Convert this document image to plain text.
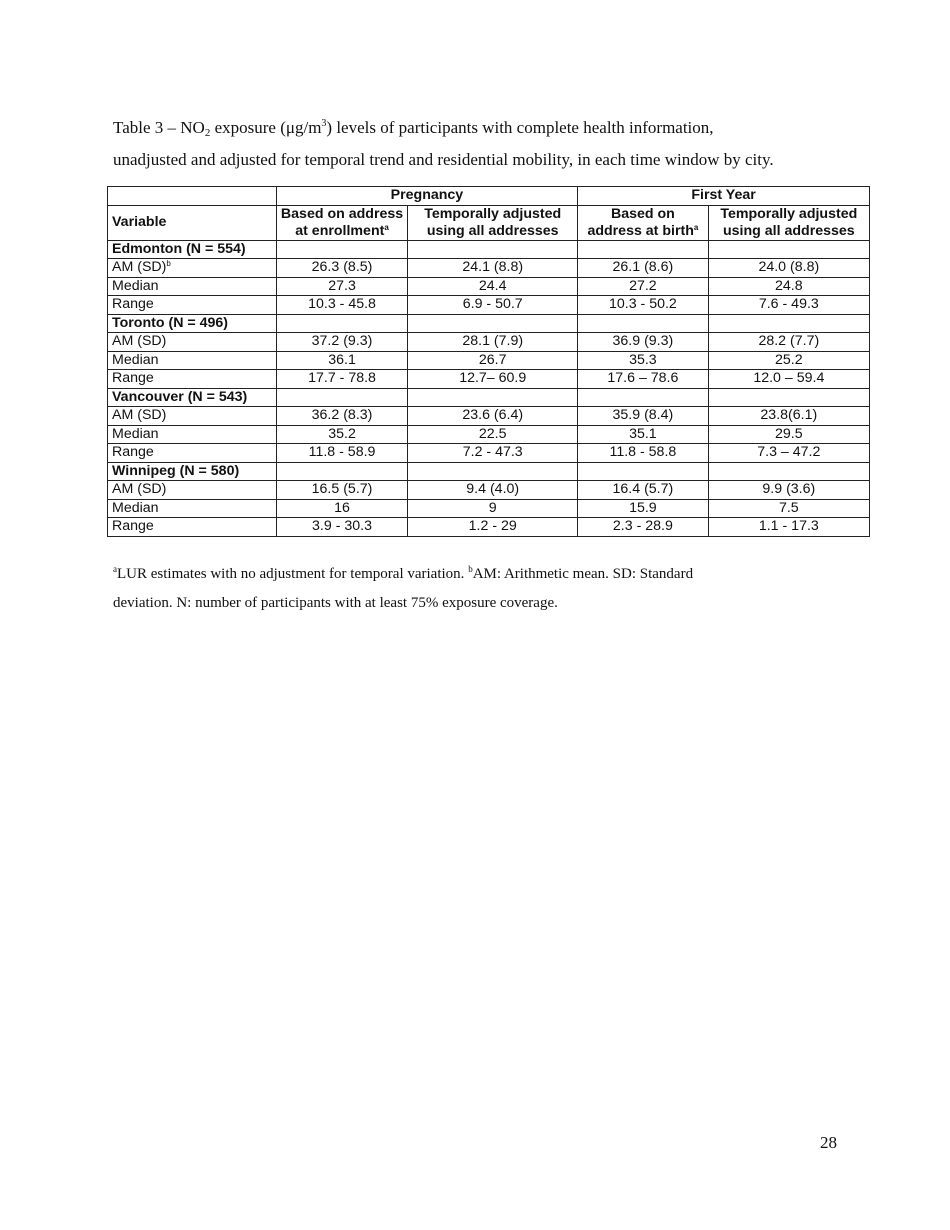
Table $3 - NO_2$ exposure $(\mu g/m^3)$ levels of participants with complete health information,

unadjusted and adjusted for temporal trend and residential mobility, in each time window by city.

	Pregnancy		First Year	
Variable	Based on address at enrollment$^a$	Temporally adjusted using all addresses	Based on address at birth$^a$	Temporally adjusted using all addresses
Edmonton (N = 554)				
AM (SD)$^b$	26.3 (8.5)	24.1 (8.8)	26.1 (8.6)	24.0 (8.8)
Median	27.3	24.4	27.2	24.8
Range	10.3 - 45.8	6.9 - 50.7	10.3 - 50.2	7.6 - 49.3
Toronto (N = 496)				
AM (SD)	37.2 (9.3)	28.1 (7.9)	36.9 (9.3)	28.2 (7.7)
Median	36.1	26.7	35.3	25.2
Range	17.7 - 78.8	12.7– 60.9	17.6 – 78.6	12.0 – 59.4
Vancouver (N = 543)				
AM (SD)	36.2 (8.3)	23.6 (6.4)	35.9 (8.4)	23.8(6.1)
Median	35.2	22.5	35.1	29.5
Range	11.8 - 58.9	7.2 - 47.3	11.8 - 58.8	7.3 – 47.2
Winnipeg (N = 580)				
AM (SD)	16.5 (5.7)	9.4 (4.0)	16.4 (5.7)	9.9 (3.6)
Median	16	9	15.9	7.5
Range	3.9 - 30.3	1.2 - 29	2.3 - 28.9	1.1 - 17.3

$^a$LUR estimates with no adjustment for temporal variation. $^b$AM: Arithmetic mean. SD: Standard

deviation. N: number of participants with at least 75% exposure coverage.

28
